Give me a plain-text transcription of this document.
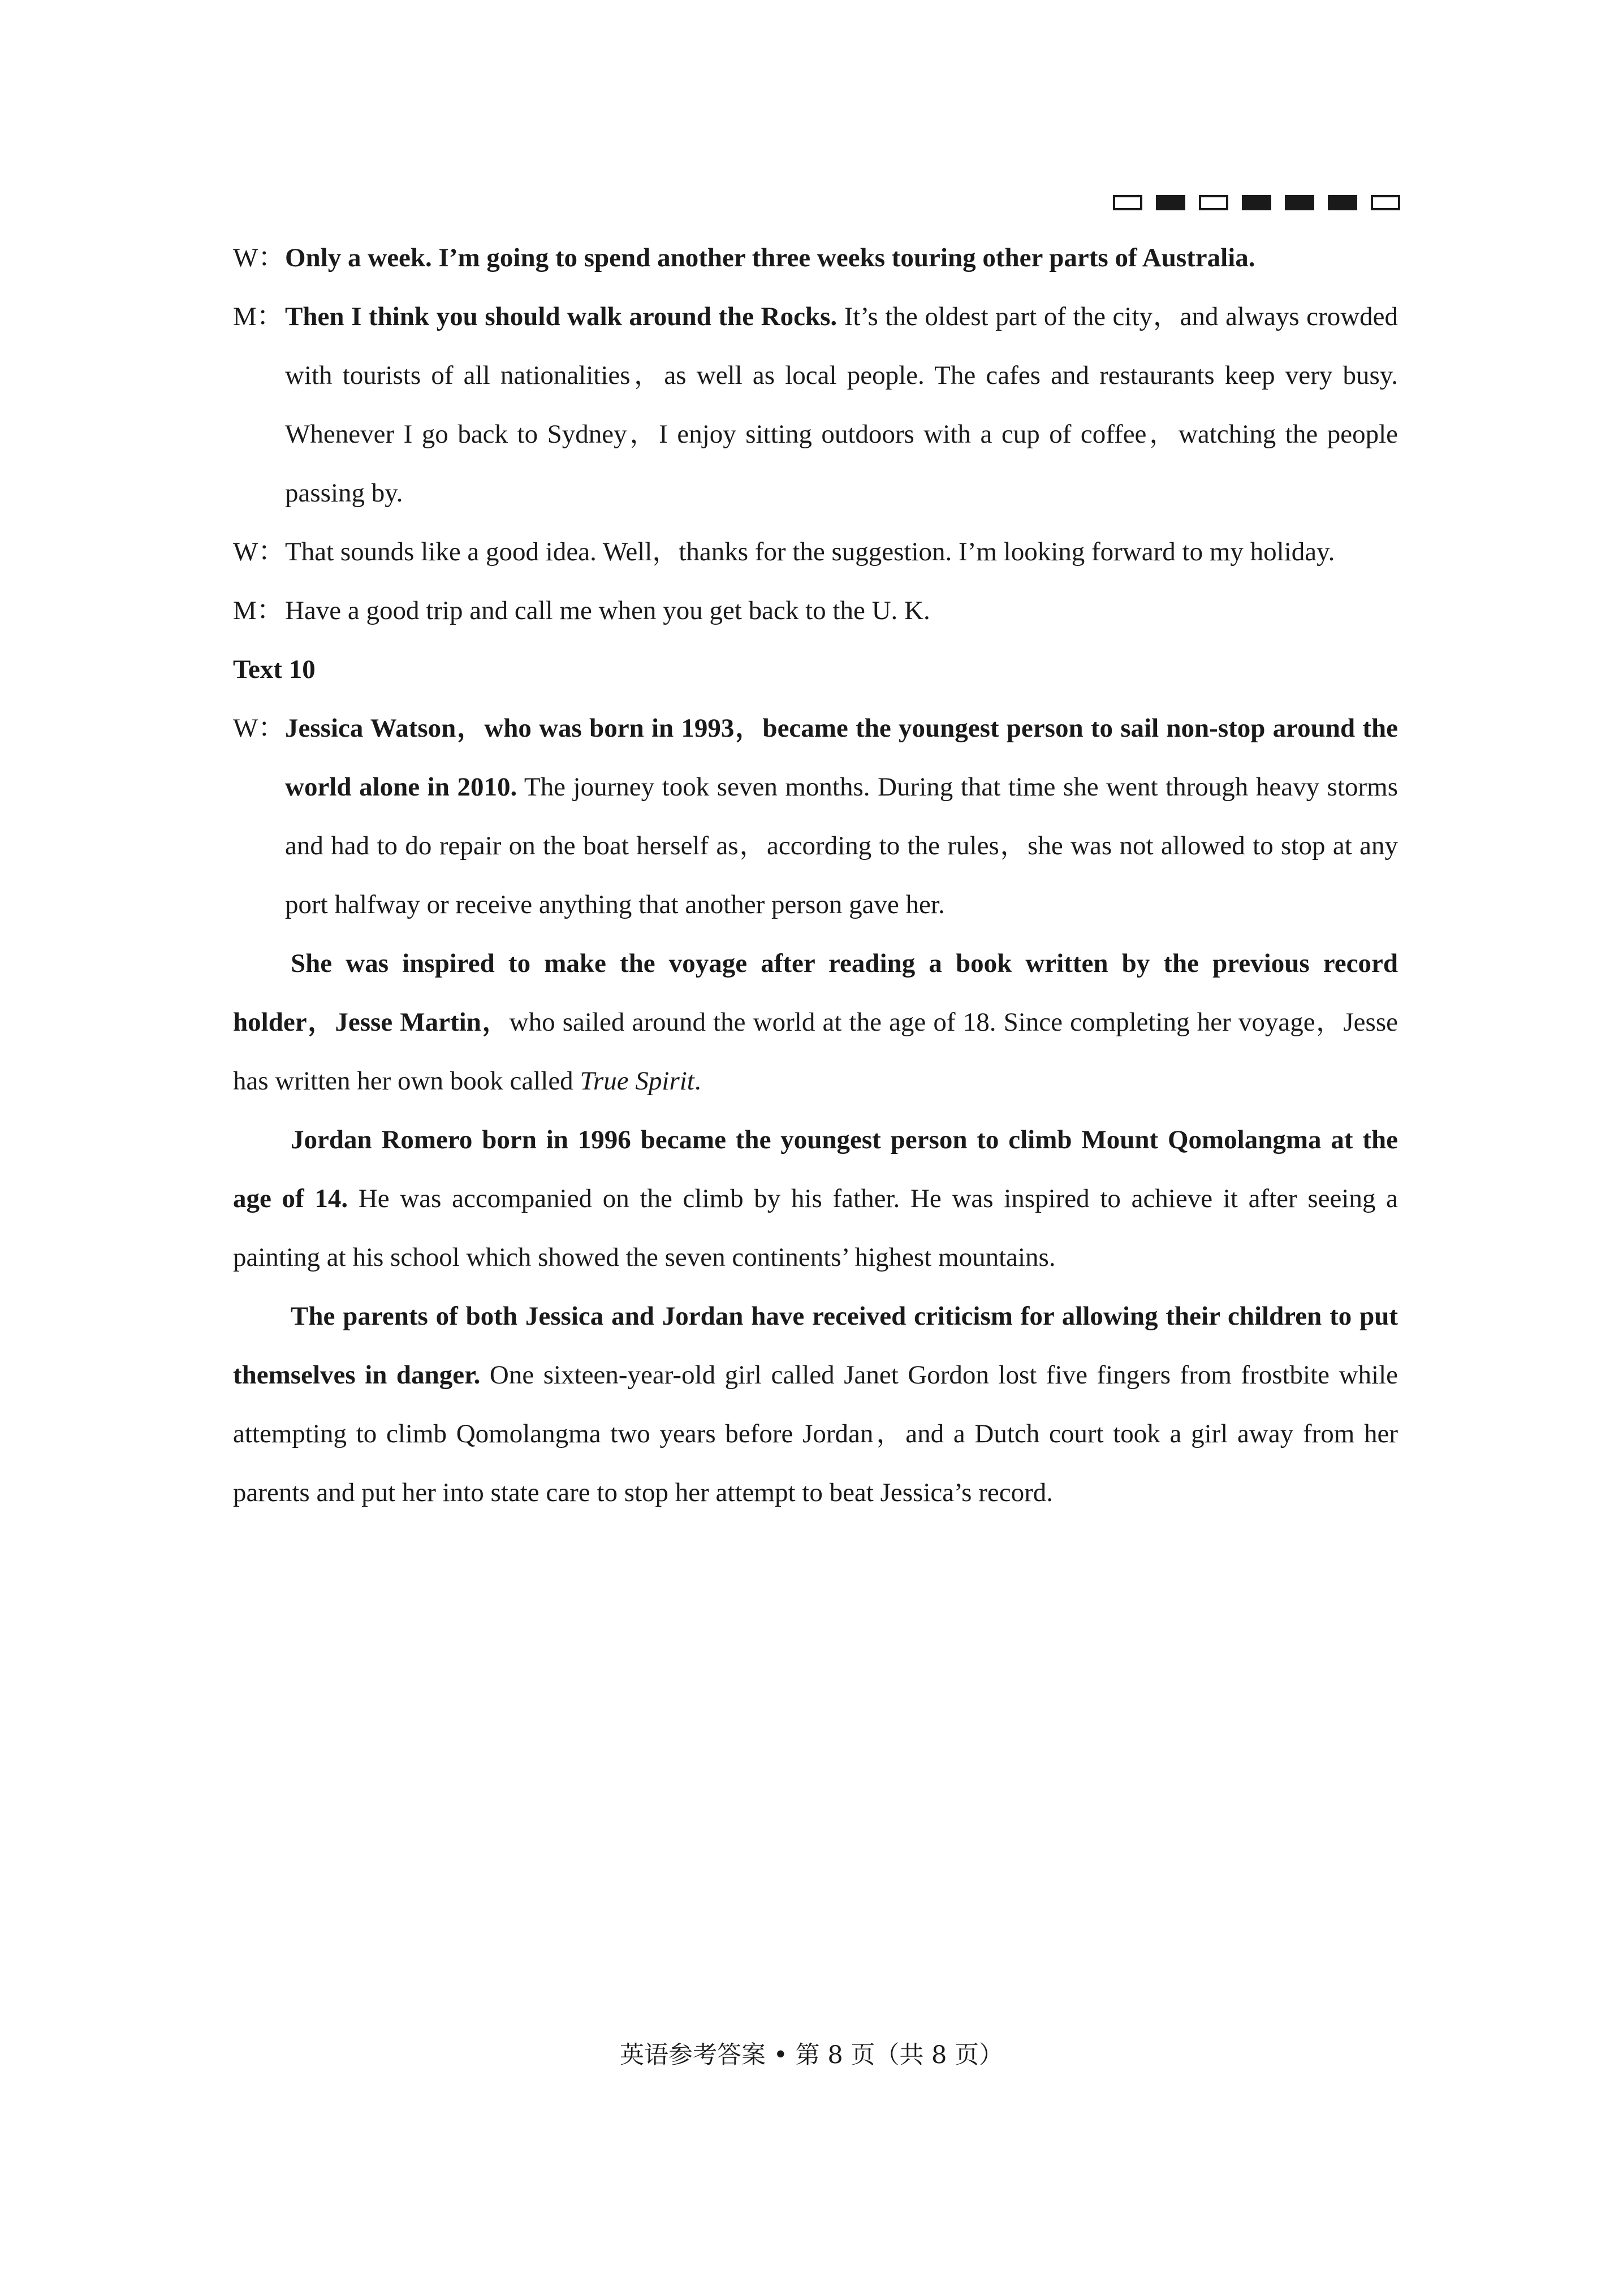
W： Only a week. I’m going to spend another three weeks touring other parts of Australia.

M： Then I think you should walk around the Rocks. It’s the oldest part of the city，and always crowded with tourists of all nationalities，as well as local people. The cafes and restaurants keep very busy. Whenever I go back to Sydney，I enjoy sitting outdoors with a cup of coffee，watching the people passing by.

W： That sounds like a good idea. Well，thanks for the suggestion. I’m looking forward to my holiday.

M： Have a good trip and call me when you get back to the U. K.

Text 10

W： Jessica Watson，who was born in 1993，became the youngest person to sail non-stop around the world alone in 2010. The journey took seven months. During that time she went through heavy storms and had to do repair on the boat herself as，according to the rules，she was not allowed to stop at any port halfway or receive anything that another person gave her.

She was inspired to make the voyage after reading a book written by the previous record holder，Jesse Martin，who sailed around the world at the age of 18. Since completing her voyage，Jesse has written her own book called True Spirit.

Jordan Romero born in 1996 became the youngest person to climb Mount Qomolangma at the age of 14. He was accompanied on the climb by his father. He was inspired to achieve it after seeing a painting at his school which showed the seven continents’ highest mountains.

The parents of both Jessica and Jordan have received criticism for allowing their children to put themselves in danger. One sixteen-year-old girl called Janet Gordon lost five fingers from frostbite while attempting to climb Qomolangma two years before Jordan，and a Dutch court took a girl away from her parents and put her into state care to stop her attempt to beat Jessica’s record.

英语参考答案 • 第 8 页（共 8 页）
